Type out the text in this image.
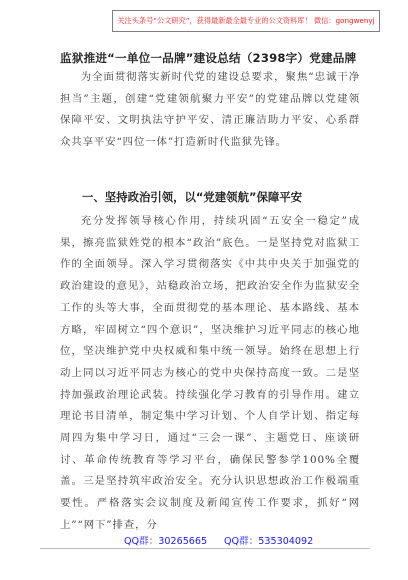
关注头条号“公文研究”，获得最新最全最专业的公文资料库！ 微信：gongwenyj
监狱推进“一单位一品牌”建设总结（2398字）党建品牌
为全面贯彻落实新时代党的建设总要求，聚焦“忠诚干净担当”主题，创建“党建领航聚力平安”的党建品牌以党建领保障平安、文明执法守护平安、清正廉洁助力平安、心系群众共享平安“四位一体”打造新时代监狱先锋。
一、坚持政治引领，以“党建领航”保障平安
充分发挥领导核心作用，持续巩固“五安全一稳定”成果，擦亮监狱姓党的根本“政治”底色。一是坚持党对监狱工作的全面领导。深入学习贯彻落实《中共中央关于加强党的政治建设的意见》，站稳政治立场，把政治安全作为监狱安全工作的头等大事，全面贯彻党的基本理论、基本路线、基本方略，牢固树立“四个意识”，坚决维护习近平同志的核心地位，坚决维护党中央权威和集中统一领导。始终在思想上行动上同以习近平同志为核心的党中央保持高度一致。二是坚持加强政治理论武装。持续强化学习教育的引导作用。建立理论书目清单，制定集中学习计划、个人自学计划、指定每周四为集中学习日，通过“三会一课”、主题党日、座谈研讨、革命传统教育等学习平台，确保民警参学100%全覆盖。三是坚持筑牢政治安全。充分认识思想政治工作极端重要性。严格落实会议制度及新闻宣传工作要求，抓好“网上”“网下”排查，分
QQ群：30265665 QQ群：535304092
